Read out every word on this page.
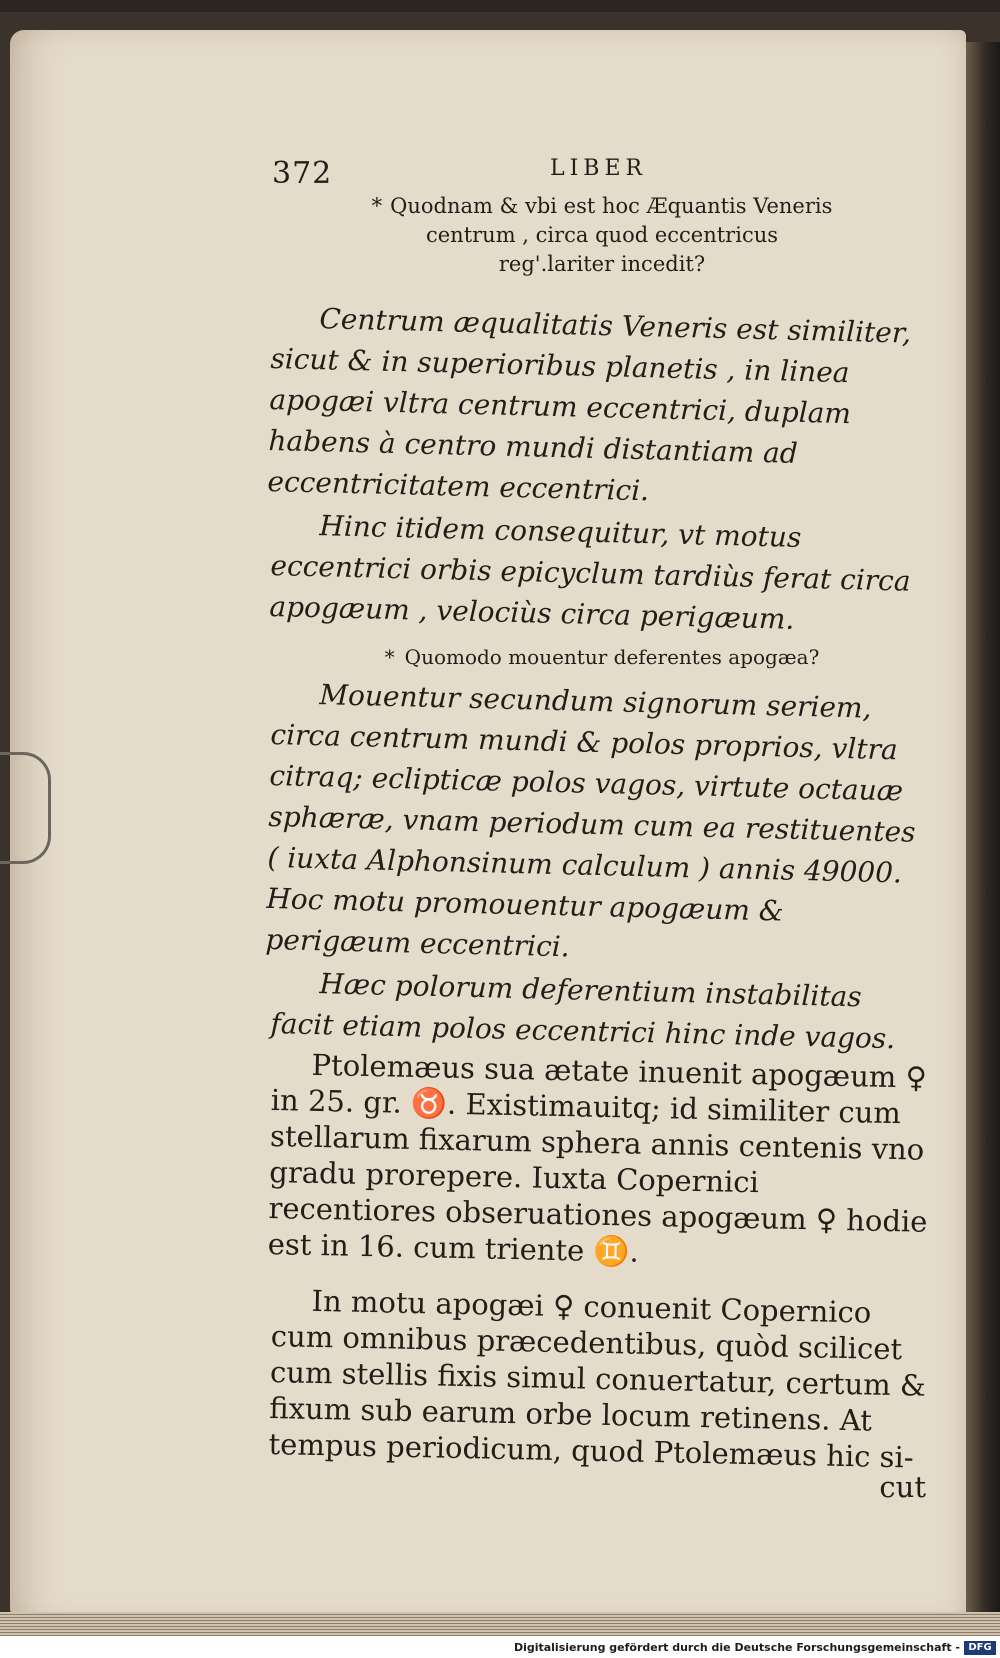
372	LIBER
* Quodnam & vbi est hoc Æquantis Veneris
centrum , circa quod eccentricus
reg'.lariter incedit?

Centrum æqualitatis Veneris est similiter, sicut & in superioribus planetis , in linea apogæi vltra centrum eccentrici, duplam habens à centro mundi distantiam ad eccentricitatem eccentrici.

Hinc itidem consequitur, vt motus eccentrici orbis epicyclum tardiùs ferat circa apogæum , velociùs circa perigæum.

* Quomodo mouentur deferentes apogæa?

Mouentur secundum signorum seriem, circa centrum mundi & polos proprios, vltra citraq; eclipticæ polos vagos, virtute octauæ sphæræ, vnam periodum cum ea restituentes ( iuxta Alphonsinum calculum ) annis 49000. Hoc motu promouentur apogæum & perigæum eccentrici.

Hæc polorum deferentium instabilitas facit etiam polos eccentrici hinc inde vagos.

Ptolemæus sua ætate inuenit apogæum ♀ in 25. gr. ♉. Existimauitq; id similiter cum stellarum fixarum sphera annis centenis vno gradu prorepere. Iuxta Copernici recentiores obseruationes apogæum ♀ hodie est in 16. cum triente ♊.

In motu apogæi ♀ conuenit Copernico cum omnibus præcedentibus, quòd scilicet cum stellis fixis simul conuertatur, certum & fixum sub earum orbe locum retinens. At tempus periodicum, quod Ptolemæus hic si-

cut
Digitalisierung gefördert durch die Deutsche Forschungsgemeinschaft - DFG
